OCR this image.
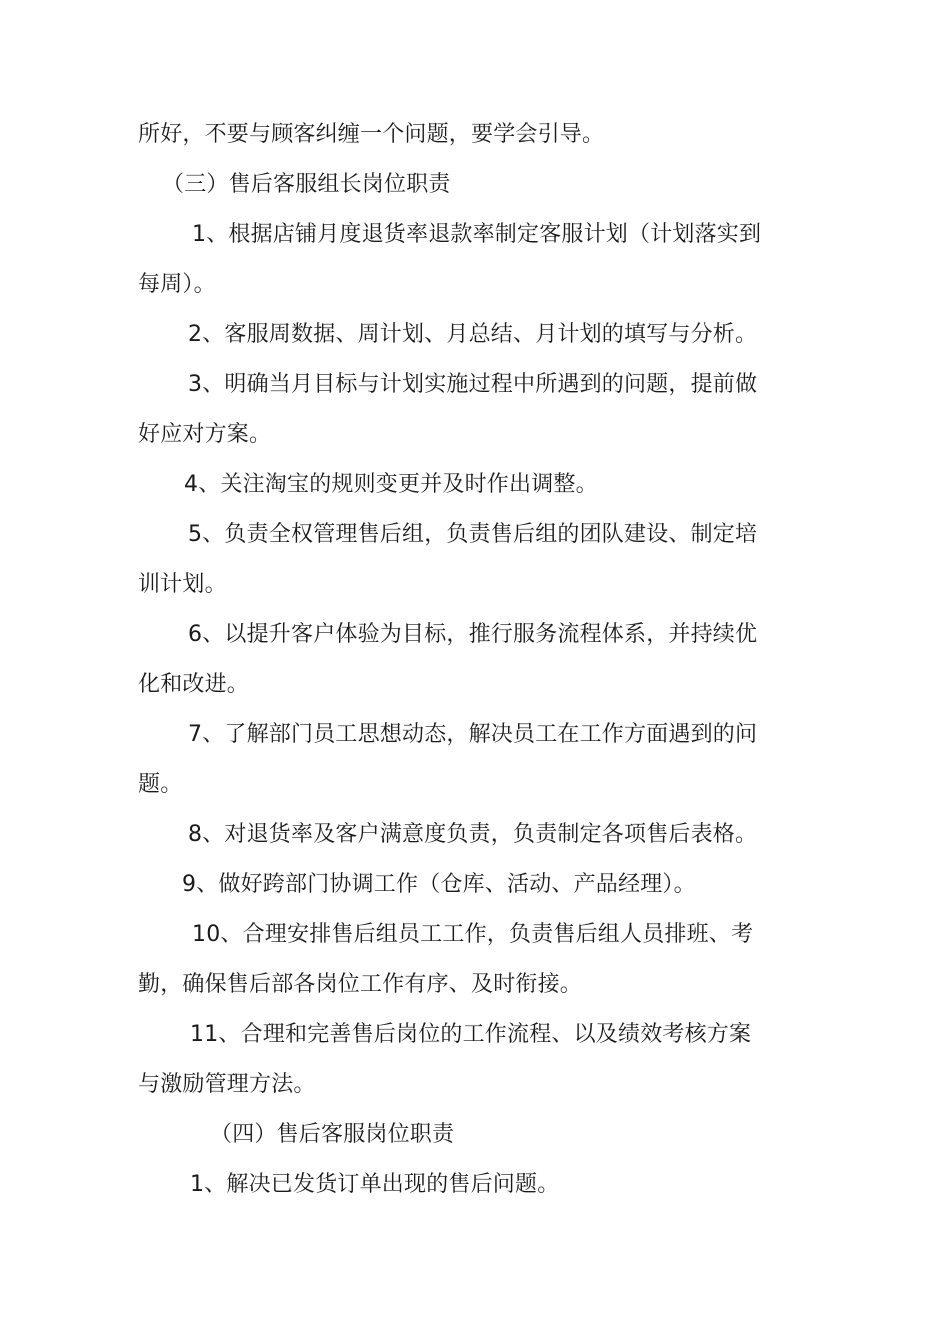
所好，不要与顾客纠缠一个问题，要学会引导。
（三）售后客服组长岗位职责
1、根据店铺月度退货率退款率制定客服计划（计划落实到
每周）。
2、客服周数据、周计划、月总结、月计划的填写与分析。
3、明确当月目标与计划实施过程中所遇到的问题，提前做
好应对方案。
4、关注淘宝的规则变更并及时作出调整。
5、负责全权管理售后组，负责售后组的团队建设、制定培
训计划。
6、以提升客户体验为目标，推行服务流程体系，并持续优
化和改进。
7、了解部门员工思想动态，解决员工在工作方面遇到的问
题。
8、对退货率及客户满意度负责，负责制定各项售后表格。
9、做好跨部门协调工作（仓库、活动、产品经理）。
10、合理安排售后组员工工作，负责售后组人员排班、考
勤，确保售后部各岗位工作有序、及时衔接。
11、合理和完善售后岗位的工作流程、以及绩效考核方案
与激励管理方法。
（四）售后客服岗位职责
1、解决已发货订单出现的售后问题。
